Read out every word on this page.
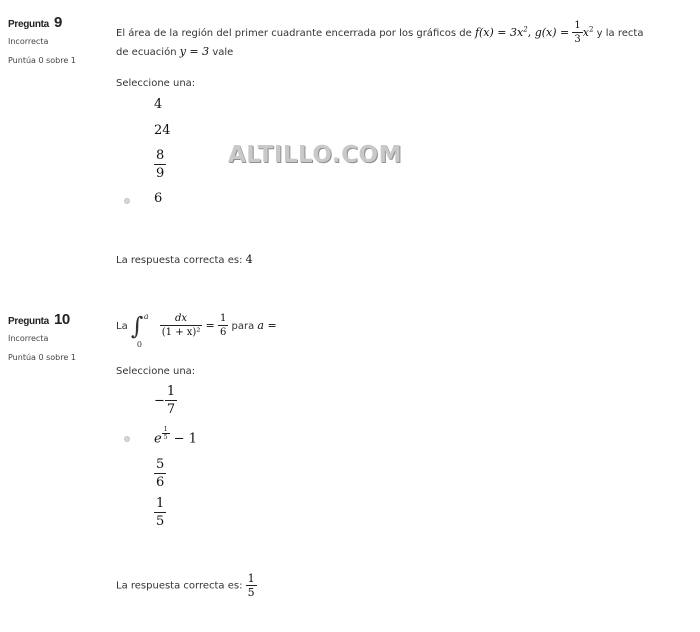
Pregunta 9
Incorrecta
Puntúa 0 sobre 1
El área de la región del primer cuadrante encerrada por los gráficos de $f(x) = 3x^2$, $g(x) = \frac{1}{3} x^2$ y la recta
de ecuación y = 3 vale
Seleccione una:
4
24
$\frac{8}{9}$
6
La respuesta correcta es: 4
ALTILLO.COM
Pregunta 10
Incorrecta
Puntúa 0 sobre 1
La ∫ a
0

$\frac{dx}{\text{(1 + x)²}} = \frac{1}{6}$ para a =
Seleccione una:
− $\frac{1}{7}$
e $^{\frac{1}{5}}$ − 1
$\frac{5}{6}$
$\frac{1}{5}$
La respuesta correcta es: $\frac{1}{5}$
